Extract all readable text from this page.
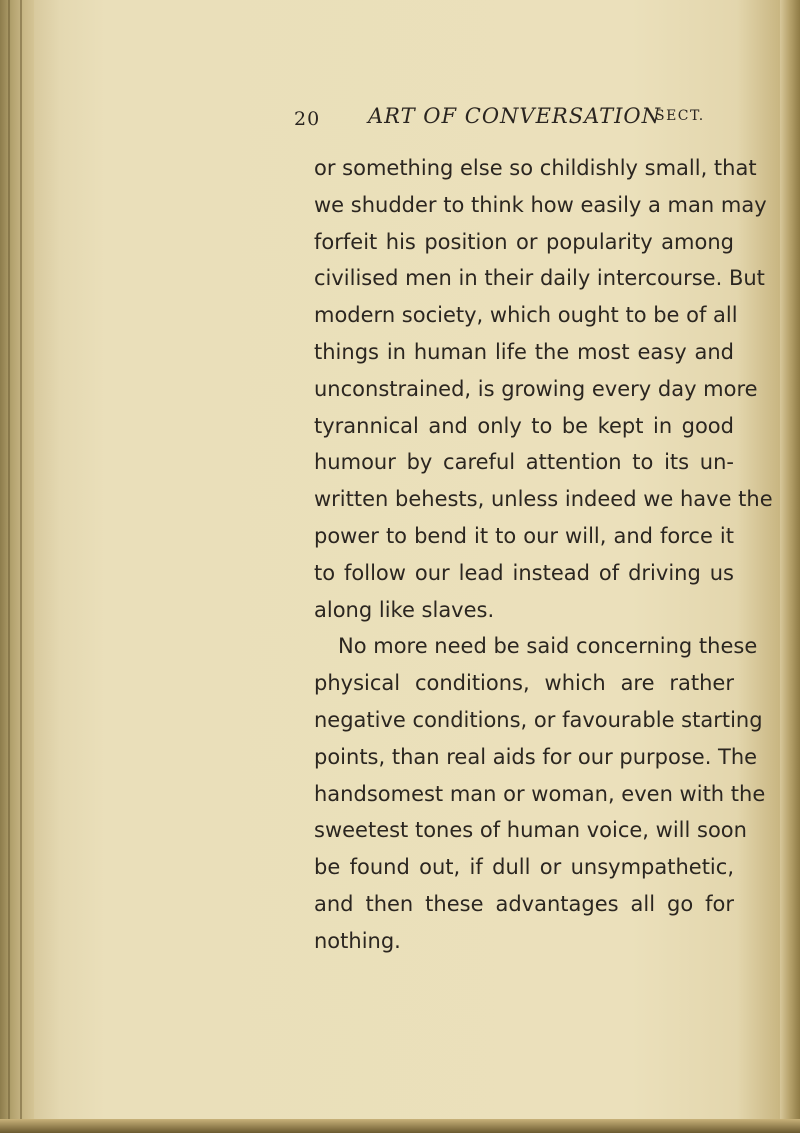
20 ART OF CONVERSATION
SECT.
or something else so childishly small, that
we shudder to think how easily a man may
forfeit his position or popularity among
civilised men in their daily intercourse. But
modern society, which ought to be of all
things in human life the most easy and
unconstrained, is growing every day more
tyrannical and only to be kept in good
humour by careful attention to its un-
written behests, unless indeed we have the
power to bend it to our will, and force it
to follow our lead instead of driving us
along like slaves.
No more need be said concerning these
physical conditions, which are rather
negative conditions, or favourable starting
points, than real aids for our purpose. The
handsomest man or woman, even with the
sweetest tones of human voice, will soon
be found out, if dull or unsympathetic,
and then these advantages all go for
nothing.
